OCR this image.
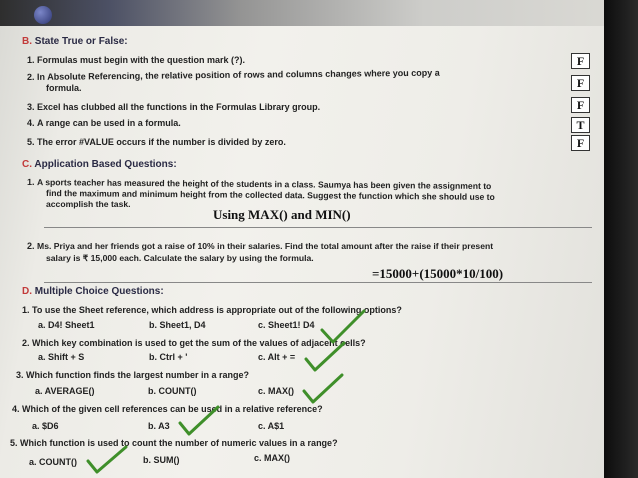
B. State True or False:
1. Formulas must begin with the question mark (?).	F
2. In Absolute Referencing, the relative position of rows and columns changes where you copy a
formula.	F
3. Excel has clubbed all the functions in the Formulas Library group.	F
4. A range can be used in a formula.	T
5. The error #VALUE occurs if the number is divided by zero.	F
C. Application Based Questions:
1. A sports teacher has measured the height of the students in a class. Saumya has been given the assignment to
find the maximum and minimum height from the collected data. Suggest the function which she should use to
accomplish the task.
Using MAX() and MIN()
2. Ms. Priya and her friends got a raise of 10% in their salaries. Find the total amount after the raise if their present
salary is ₹ 15,000 each. Calculate the salary by using the formula.
=15000+(15000*10/100)
D. Multiple Choice Questions:
1. To use the Sheet reference, which address is appropriate out of the following options?
a. D4! Sheet1	b. Sheet1, D4	c. Sheet1! D4
2. Which key combination is used to get the sum of the values of adjacent cells?
a. Shift + S	b. Ctrl + '	c. Alt + =
3. Which function finds the largest number in a range?
a. AVERAGE()	b. COUNT()	c. MAX()
4. Which of the given cell references can be used in a relative reference?
a. $D6	b. A3	c. A$1
5. Which function is used to count the number of numeric values in a range?
a. COUNT()	b. SUM()	c. MAX()
